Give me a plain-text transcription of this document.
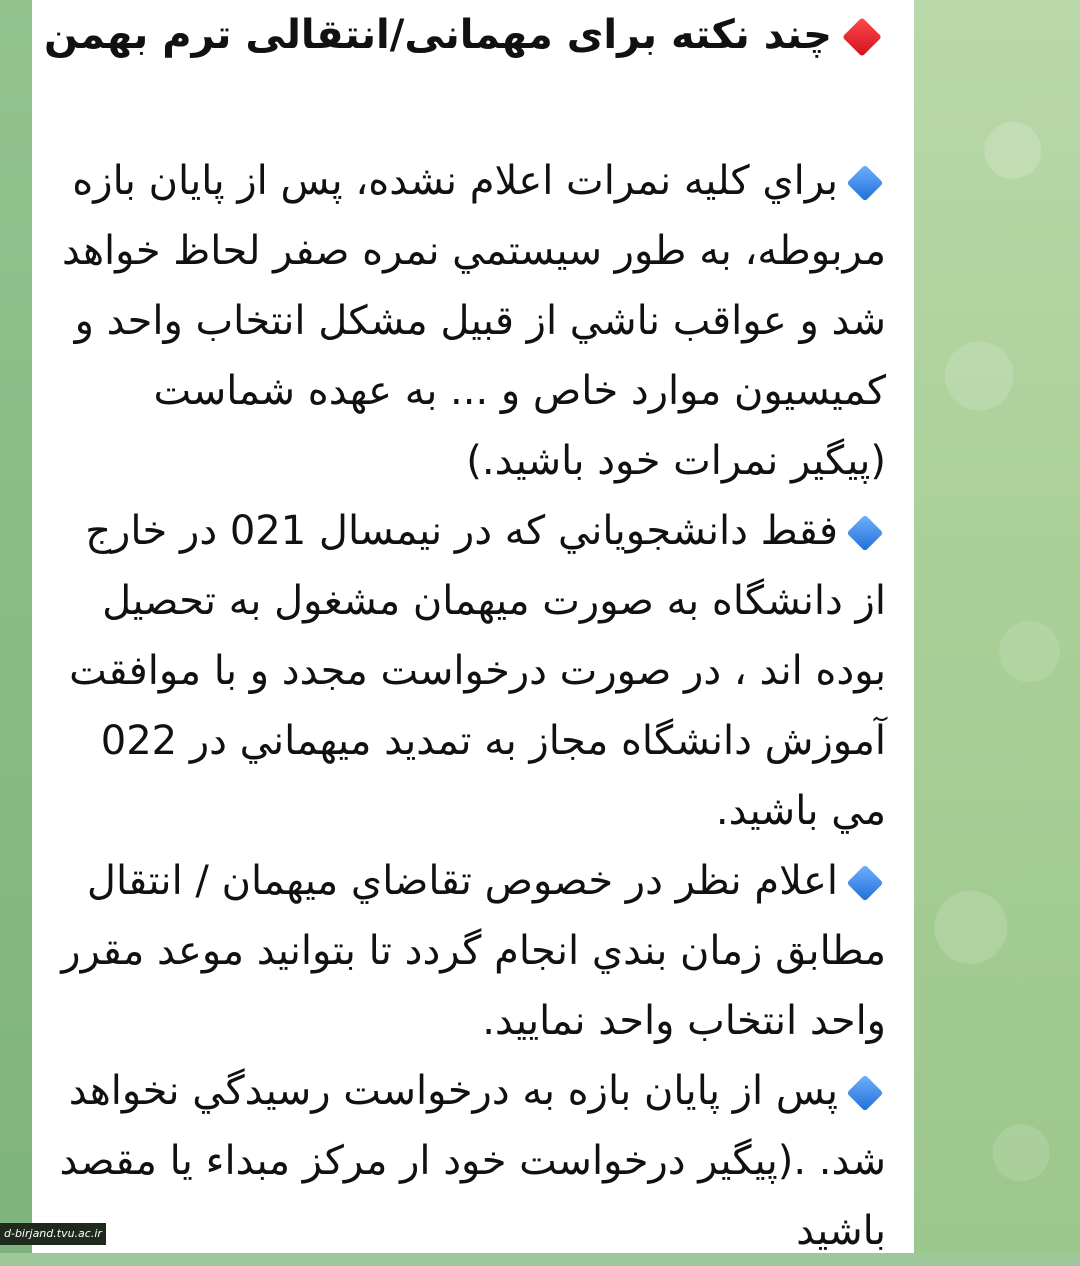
چند نکته برای مهمانی/انتقالی ترم بهمن

براي كليه نمرات اعلام نشده، پس از پايان بازه مربوطه، به طور سيستمي نمره صفر لحاظ خواهد شد و عواقب ناشي از قبيل مشكل انتخاب واحد و كميسيون موارد خاص و ... به عهده شماست (پيگير نمرات خود باشيد.)

فقط دانشجوياني كه در نيمسال 021 در خارج از دانشگاه به صورت ميهمان مشغول به تحصيل بوده اند ، در صورت درخواست مجدد و با موافقت آموزش دانشگاه مجاز به تمديد ميهماني در 022 مي باشيد.

اعلام نظر در خصوص تقاضاي ميهمان / انتقال مطابق زمان بندي انجام گردد تا بتوانيد موعد مقرر واحد انتخاب واحد نماييد.

پس از پايان بازه به درخواست رسيدگي نخواهد شد. .(پيگير درخواست خود ار مركز مبداء يا مقصد باشيد

d-birjand.tvu.ac.ir
